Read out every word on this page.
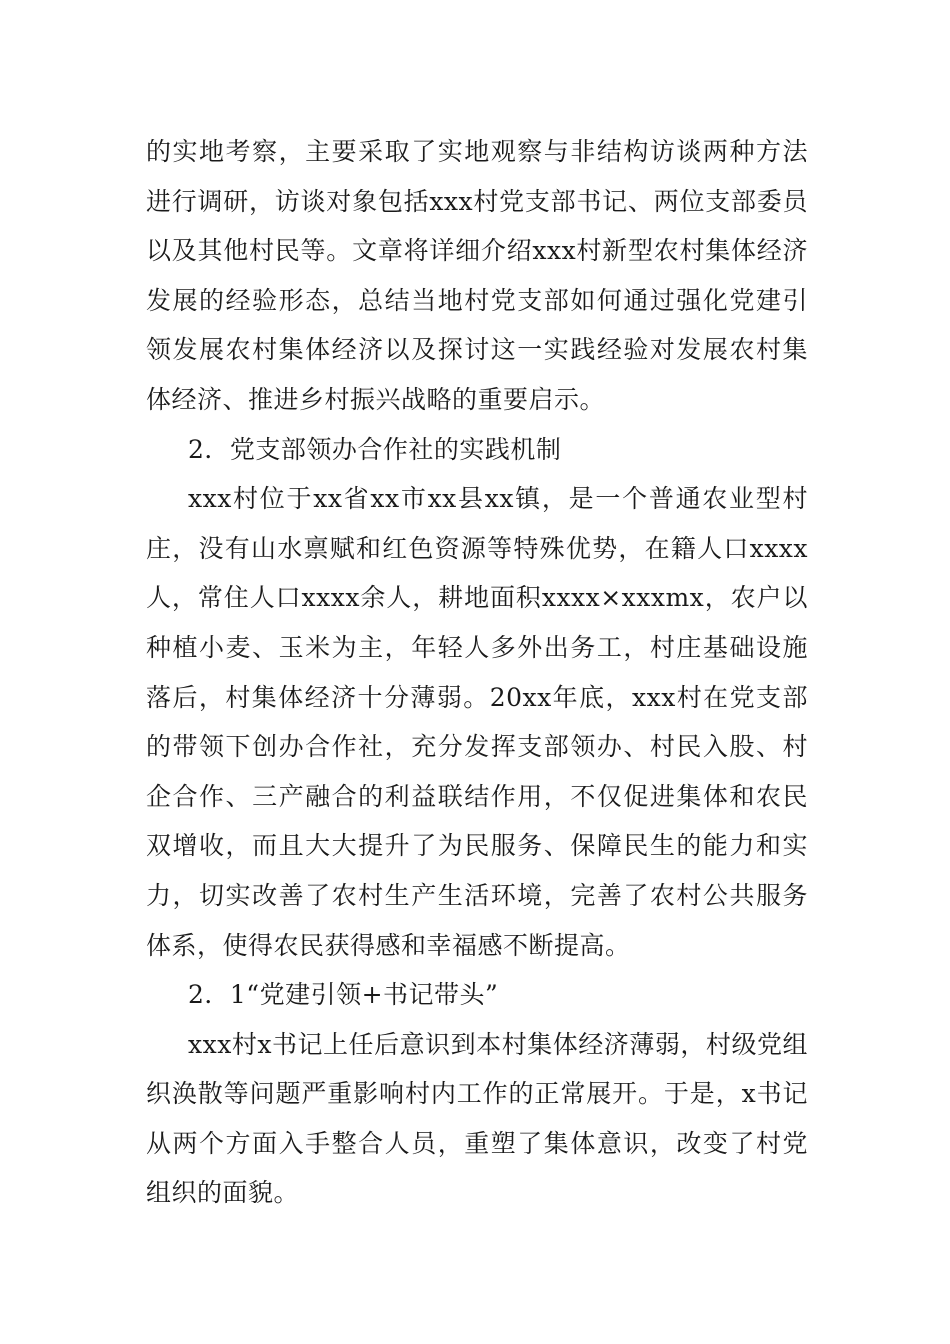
的实地考察，主要采取了实地观察与非结构访谈两种方法进行调研，访谈对象包括xxx村党支部书记、两位支部委员以及其他村民等。文章将详细介绍xxx村新型农村集体经济发展的经验形态，总结当地村党支部如何通过强化党建引领发展农村集体经济以及探讨这一实践经验对发展农村集体经济、推进乡村振兴战略的重要启示。

2．党支部领办合作社的实践机制

xxx村位于xx省xx市xx县xx镇，是一个普通农业型村庄，没有山水禀赋和红色资源等特殊优势，在籍人口xxxx人，常住人口xxxx余人，耕地面积xxxx×xxxmx，农户以种植小麦、玉米为主，年轻人多外出务工，村庄基础设施落后，村集体经济十分薄弱。20xx年底，xxx村在党支部的带领下创办合作社，充分发挥支部领办、村民入股、村企合作、三产融合的利益联结作用，不仅促进集体和农民双增收，而且大大提升了为民服务、保障民生的能力和实力，切实改善了农村生产生活环境，完善了农村公共服务体系，使得农民获得感和幸福感不断提高。

2．1“党建引领+书记带头”

xxx村x书记上任后意识到本村集体经济薄弱，村级党组织涣散等问题严重影响村内工作的正常展开。于是，x书记从两个方面入手整合人员，重塑了集体意识，改变了村党组织的面貌。
